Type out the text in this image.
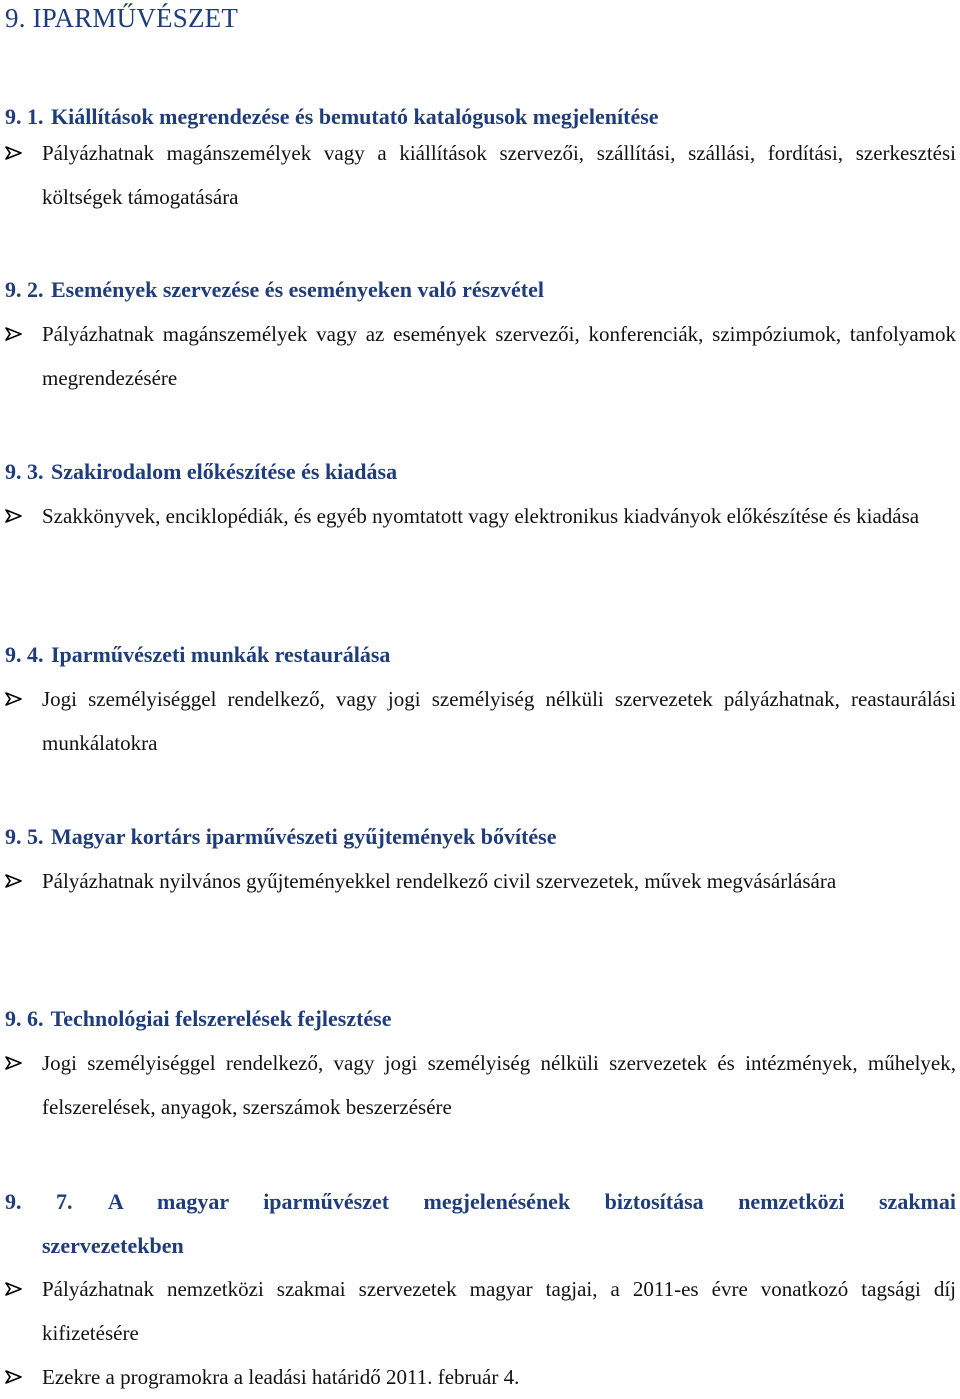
9. IPARMŰVÉSZET
9. 1. Kiállítások megrendezése és bemutató katalógusok megjelenítése
Pályázhatnak magánszemélyek vagy a kiállítások szervezői, szállítási, szállási, fordítási, szerkesztési költségek támogatására
9. 2. Események szervezése és eseményeken való részvétel
Pályázhatnak magánszemélyek vagy az események szervezői, konferenciák, szimpóziumok, tanfolyamok megrendezésére
9. 3. Szakirodalom előkészítése és kiadása
Szakkönyvek, enciklopédiák, és egyéb nyomtatott vagy elektronikus kiadványok előkészítése és kiadása
9. 4. Iparművészeti munkák restaurálása
Jogi személyiséggel rendelkező, vagy jogi személyiség nélküli szervezetek pályázhatnak, reastaurálási munkálatokra
9. 5. Magyar kortárs iparművészeti gyűjtemények bővítése
Pályázhatnak nyilvános gyűjteményekkel rendelkező civil szervezetek, művek megvásárlására
9. 6. Technológiai felszerelések fejlesztése
Jogi személyiséggel rendelkező, vagy jogi személyiség nélküli szervezetek és intézmények, műhelyek, felszerelések, anyagok, szerszámok beszerzésére
9. 7. A magyar iparművészet megjelenésének biztosítása nemzetközi szakmai
szervezetekben
Pályázhatnak nemzetközi szakmai szervezetek magyar tagjai, a 2011-es évre vonatkozó tagsági díj kifizetésére
Ezekre a programokra a leadási határidő 2011. február 4.
